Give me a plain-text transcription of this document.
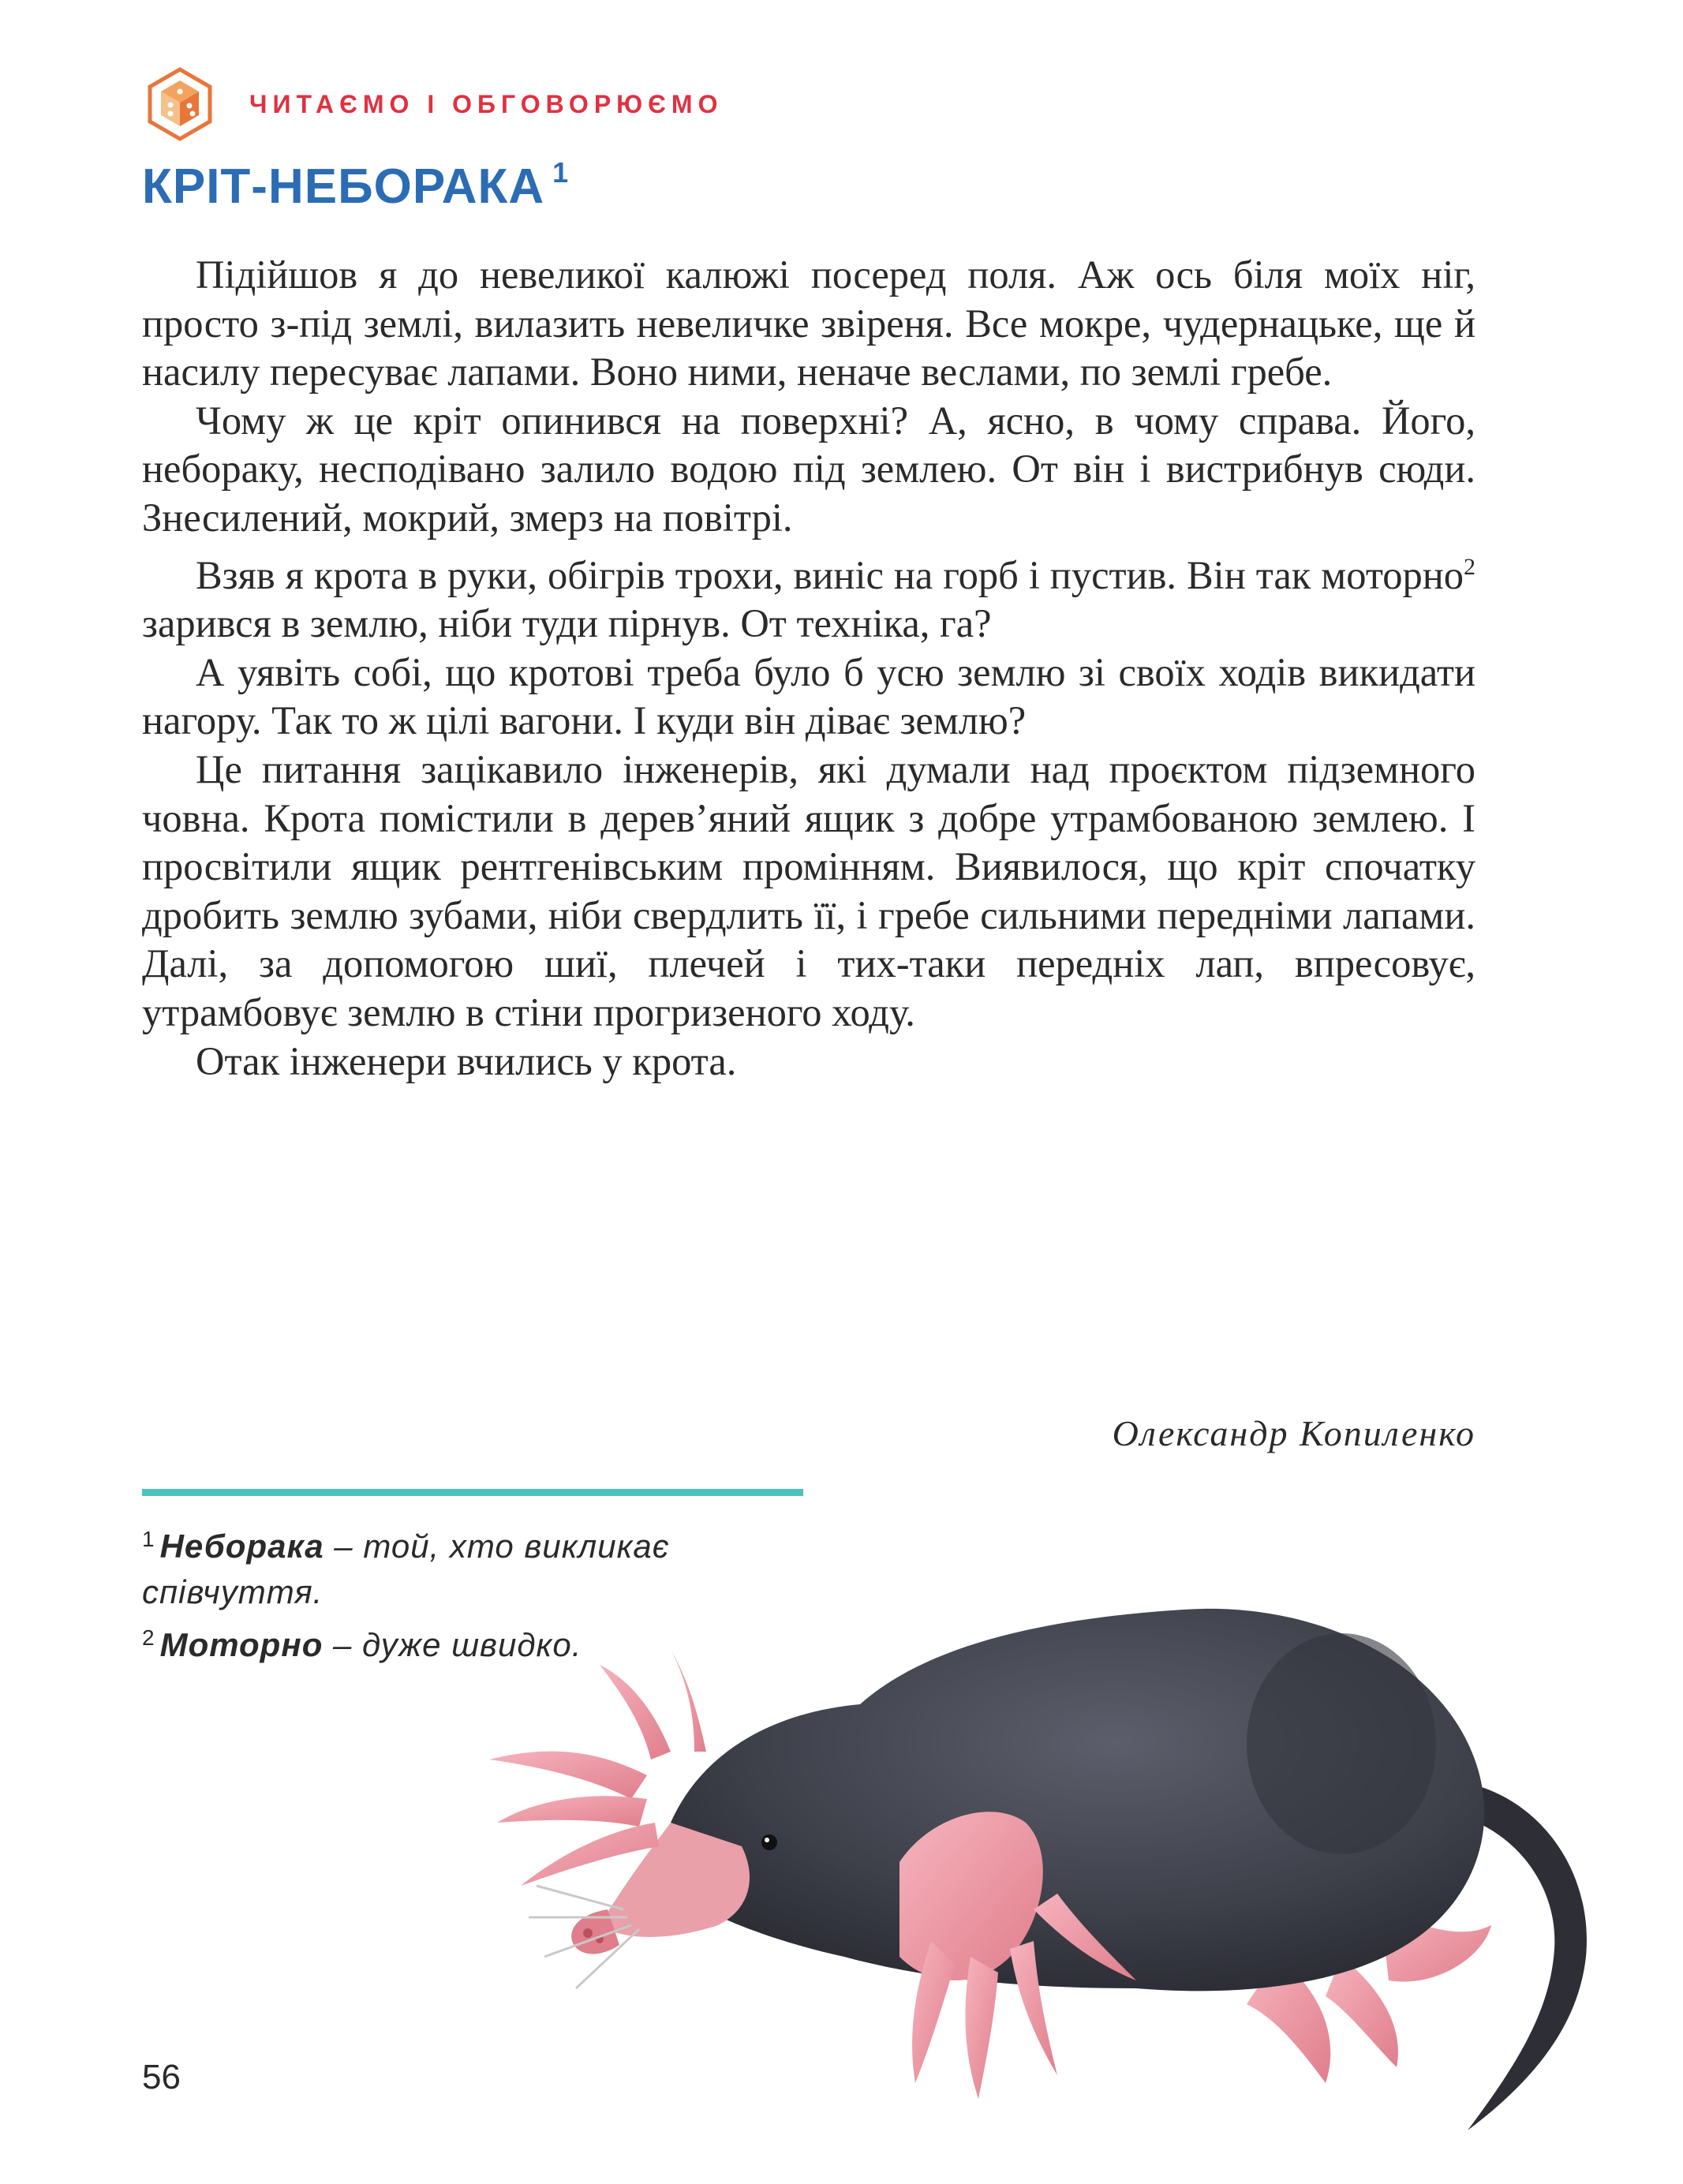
ЧИТАЄМО І ОБГОВОРЮЄМО
КРІТ-НЕБОРАКА $^1$

Підійшов я до невеликої калюжі посеред поля. Аж ось біля моїх ніг, просто з-під землі, вилазить невеличке звіреня. Все мокре, чудернацьке, ще й насилу пересуває лапами. Воно ними, неначе веслами, по землі гребе.

Чому ж це кріт опинився на поверхні? А, ясно, в чому справа. Його, небораку, несподівано залило водою під землею. От він і вистрибнув сюди. Знесилений, мокрий, змерз на повітрі.

Взяв я крота в руки, обігрів трохи, виніс на горб і пустив. Він так моторно$^2$ зарився в землю, ніби туди пірнув. От техніка, га?

А уявіть собі, що кротові треба було б усю землю зі своїх ходів викидати нагору. Так то ж цілі вагони. І куди він діває землю?

Це питання зацікавило інженерів, які думали над проєктом підземного човна. Крота помістили в дерев’яний ящик з добре утрамбованою землею. І просвітили ящик рентгенівським промінням. Виявилося, що кріт спочатку дробить землю зубами, ніби свердлить її, і гребе сильними передніми лапами. Далі, за допомогою шиї, плечей і тих-таки передніх лап, впресовує, утрамбовує землю в стіни прогризеного ходу.

Отак інженери вчились у крота.

Олександр Копиленко

$^1$ Неборака – той, хто викликає співчуття.

$^2$ Моторно – дуже швидко.

56
